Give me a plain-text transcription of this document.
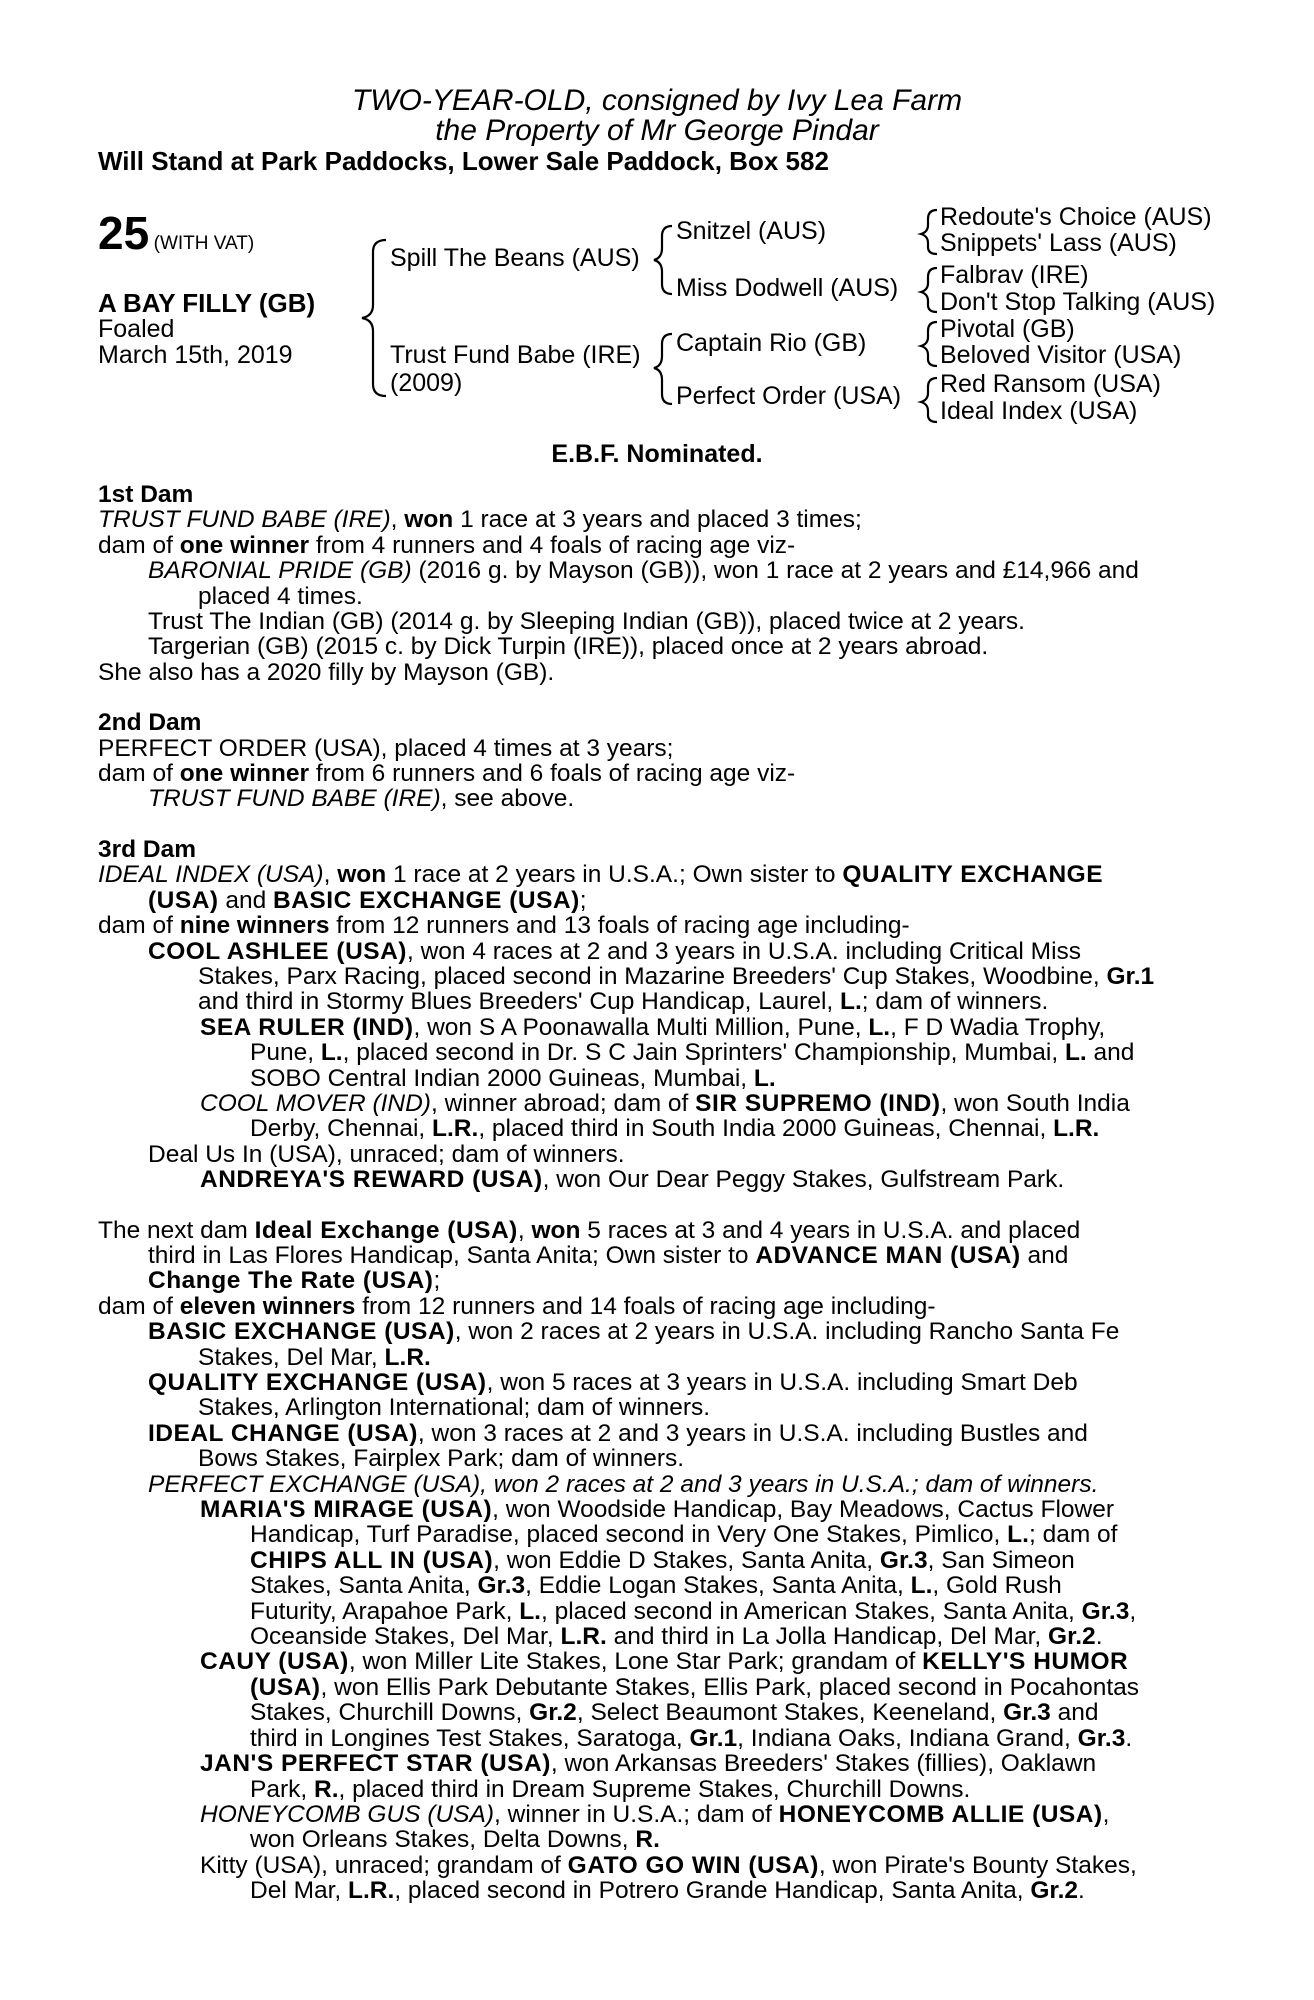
TWO-YEAR-OLD, consigned by Ivy Lea Farm
the Property of Mr George Pindar
Will Stand at Park Paddocks, Lower Sale Paddock, Box 582
25 (WITH VAT)
A BAY FILLY (GB)
Foaled
March 15th, 2019
Spill The Beans (AUS)
Trust Fund Babe (IRE)
(2009)
Snitzel (AUS)
Miss Dodwell (AUS)
Captain Rio (GB)
Perfect Order (USA)
Redoute's Choice (AUS)
Snippets' Lass (AUS)
Falbrav (IRE)
Don't Stop Talking (AUS)
Pivotal (GB)
Beloved Visitor (USA)
Red Ransom (USA)
Ideal Index (USA)
E.B.F. Nominated.

1st Dam

TRUST FUND BABE (IRE), won 1 race at 3 years and placed 3 times;

dam of one winner from 4 runners and 4 foals of racing age viz-

BARONIAL PRIDE (GB) (2016 g. by Mayson (GB)), won 1 race at 2 years and £14,966 and

placed 4 times.

Trust The Indian (GB) (2014 g. by Sleeping Indian (GB)), placed twice at 2 years.

Targerian (GB) (2015 c. by Dick Turpin (IRE)), placed once at 2 years abroad.

She also has a 2020 filly by Mayson (GB).

2nd Dam

PERFECT ORDER (USA), placed 4 times at 3 years;

dam of one winner from 6 runners and 6 foals of racing age viz-

TRUST FUND BABE (IRE), see above.

3rd Dam

IDEAL INDEX (USA), won 1 race at 2 years in U.S.A.; Own sister to QUALITY EXCHANGE

(USA) and BASIC EXCHANGE (USA);

dam of nine winners from 12 runners and 13 foals of racing age including-

COOL ASHLEE (USA), won 4 races at 2 and 3 years in U.S.A. including Critical Miss

Stakes, Parx Racing, placed second in Mazarine Breeders' Cup Stakes, Woodbine, Gr.1

and third in Stormy Blues Breeders' Cup Handicap, Laurel, L.; dam of winners.

SEA RULER (IND), won S A Poonawalla Multi Million, Pune, L., F D Wadia Trophy,

Pune, L., placed second in Dr. S C Jain Sprinters' Championship, Mumbai, L. and

SOBO Central Indian 2000 Guineas, Mumbai, L.

COOL MOVER (IND), winner abroad; dam of SIR SUPREMO (IND), won South India

Derby, Chennai, L.R., placed third in South India 2000 Guineas, Chennai, L.R.

Deal Us In (USA), unraced; dam of winners.

ANDREYA'S REWARD (USA), won Our Dear Peggy Stakes, Gulfstream Park.

The next dam Ideal Exchange (USA), won 5 races at 3 and 4 years in U.S.A. and placed

third in Las Flores Handicap, Santa Anita; Own sister to ADVANCE MAN (USA) and

Change The Rate (USA);

dam of eleven winners from 12 runners and 14 foals of racing age including-

BASIC EXCHANGE (USA), won 2 races at 2 years in U.S.A. including Rancho Santa Fe

Stakes, Del Mar, L.R.

QUALITY EXCHANGE (USA), won 5 races at 3 years in U.S.A. including Smart Deb

Stakes, Arlington International; dam of winners.

IDEAL CHANGE (USA), won 3 races at 2 and 3 years in U.S.A. including Bustles and

Bows Stakes, Fairplex Park; dam of winners.

PERFECT EXCHANGE (USA), won 2 races at 2 and 3 years in U.S.A.; dam of winners.

MARIA'S MIRAGE (USA), won Woodside Handicap, Bay Meadows, Cactus Flower

Handicap, Turf Paradise, placed second in Very One Stakes, Pimlico, L.; dam of

CHIPS ALL IN (USA), won Eddie D Stakes, Santa Anita, Gr.3, San Simeon

Stakes, Santa Anita, Gr.3, Eddie Logan Stakes, Santa Anita, L., Gold Rush

Futurity, Arapahoe Park, L., placed second in American Stakes, Santa Anita, Gr.3,

Oceanside Stakes, Del Mar, L.R. and third in La Jolla Handicap, Del Mar, Gr.2.

CAUY (USA), won Miller Lite Stakes, Lone Star Park; grandam of KELLY'S HUMOR

(USA), won Ellis Park Debutante Stakes, Ellis Park, placed second in Pocahontas

Stakes, Churchill Downs, Gr.2, Select Beaumont Stakes, Keeneland, Gr.3 and

third in Longines Test Stakes, Saratoga, Gr.1, Indiana Oaks, Indiana Grand, Gr.3.

JAN'S PERFECT STAR (USA), won Arkansas Breeders' Stakes (fillies), Oaklawn

Park, R., placed third in Dream Supreme Stakes, Churchill Downs.

HONEYCOMB GUS (USA), winner in U.S.A.; dam of HONEYCOMB ALLIE (USA),

won Orleans Stakes, Delta Downs, R.

Kitty (USA), unraced; grandam of GATO GO WIN (USA), won Pirate's Bounty Stakes,

Del Mar, L.R., placed second in Potrero Grande Handicap, Santa Anita, Gr.2.
